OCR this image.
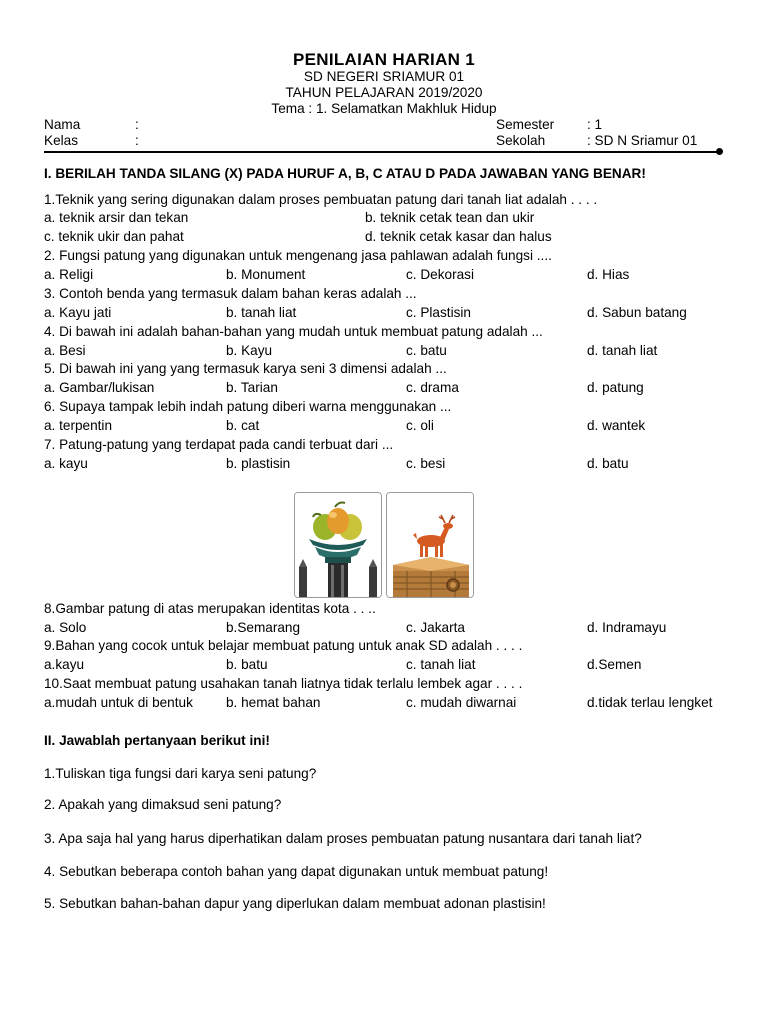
PENILAIAN HARIAN 1
SD NEGERI SRIAMUR 01
TAHUN PELAJARAN 2019/2020
Tema : 1. Selamatkan Makhluk Hidup
Nama	:
Kelas	:
Semester : 1
Sekolah	: SD N Sriamur 01
I. BERILAH TANDA SILANG (X) PADA HURUF A, B, C ATAU D PADA JAWABAN YANG BENAR!
1.Teknik yang sering digunakan dalam proses pembuatan patung dari tanah liat adalah . . . .
a. teknik arsir dan tekan	b. teknik cetak tean dan ukir
c. teknik ukir dan pahat	d. teknik cetak kasar dan halus
2. Fungsi patung yang digunakan untuk mengenang jasa pahlawan adalah fungsi ....
a. Religi	b. Monument	c. Dekorasi	d. Hias
3. Contoh benda yang termasuk dalam bahan keras adalah ...
a. Kayu jati	b. tanah liat	c. Plastisin	d. Sabun batang
4. Di bawah ini adalah bahan-bahan yang mudah untuk membuat patung adalah ...
a. Besi	b. Kayu	c. batu	d. tanah liat
5. Di bawah ini yang yang termasuk karya seni 3 dimensi adalah ...
a. Gambar/lukisan	b. Tarian	c. drama	d. patung
6. Supaya tampak lebih indah patung diberi warna menggunakan ...
a. terpentin	b. cat	c. oli	d. wantek
7. Patung-patung yang terdapat pada candi terbuat dari ...
a. kayu	b. plastisin	c. besi	d. batu
8.Gambar patung di atas merupakan identitas kota . . ..
a. Solo	b.Semarang	c. Jakarta	d. Indramayu
9.Bahan yang cocok untuk belajar membuat patung untuk anak SD adalah . . . .
a.kayu	b. batu	c. tanah liat	d.Semen
10.Saat membuat patung usahakan tanah liatnya tidak terlalu lembek agar . . . .
a.mudah untuk di bentuk b. hemat bahan	c. mudah diwarnai	d.tidak terlau lengket
II. Jawablah pertanyaan berikut ini!
1.Tuliskan tiga fungsi dari karya seni patung?
2. Apakah yang dimaksud seni patung?
3. Apa saja hal yang harus diperhatikan dalam proses pembuatan patung nusantara dari tanah liat?
4. Sebutkan beberapa contoh bahan yang dapat digunakan untuk membuat patung!
5. Sebutkan bahan-bahan dapur yang diperlukan dalam membuat adonan plastisin!
